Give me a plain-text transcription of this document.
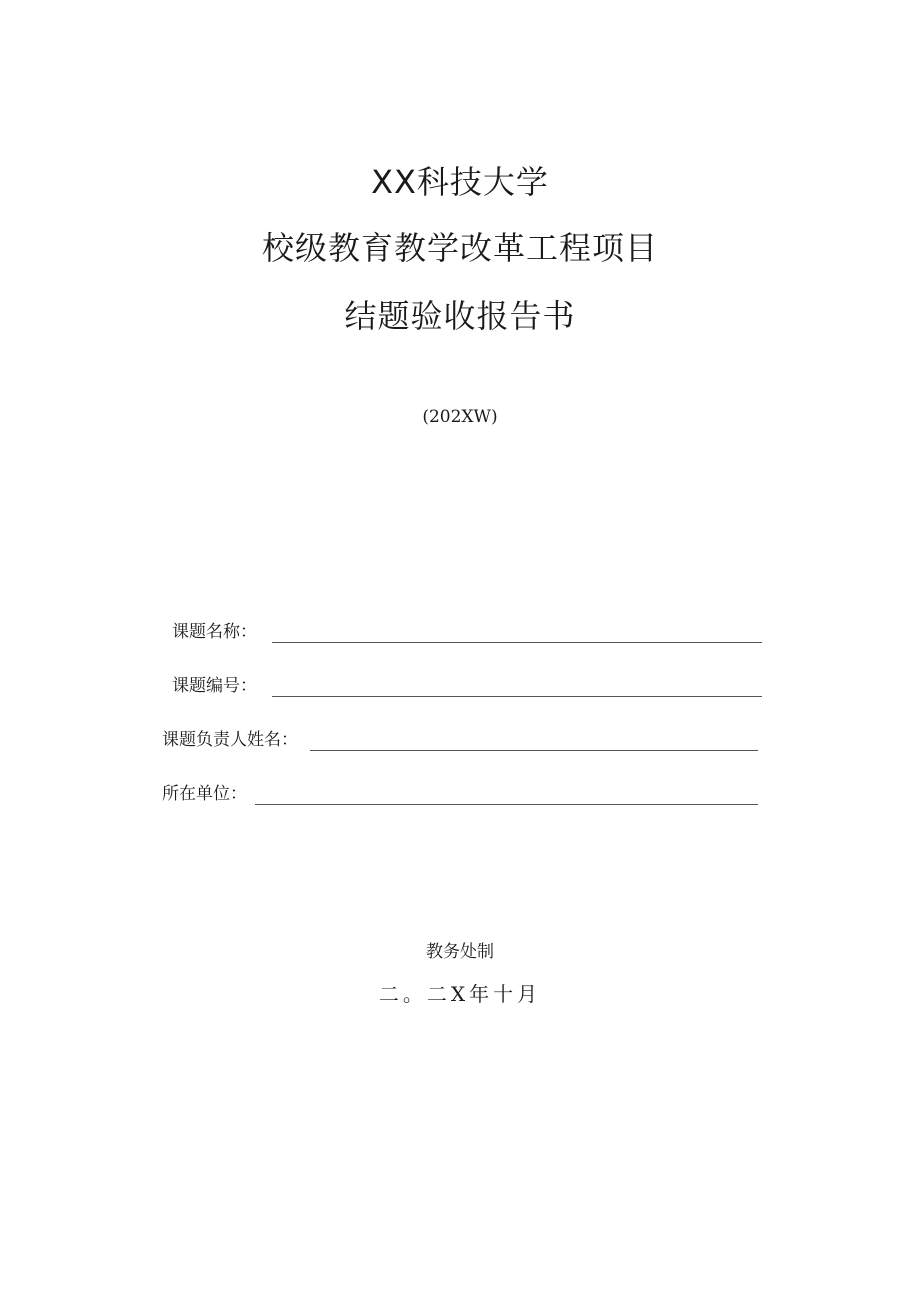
XX科技大学
校级教育教学改革工程项目
结题验收报告书
(202XW)
课题名称：
课题编号：
课题负责人姓名：
所在单位：
教务处制
二。二X年十月
